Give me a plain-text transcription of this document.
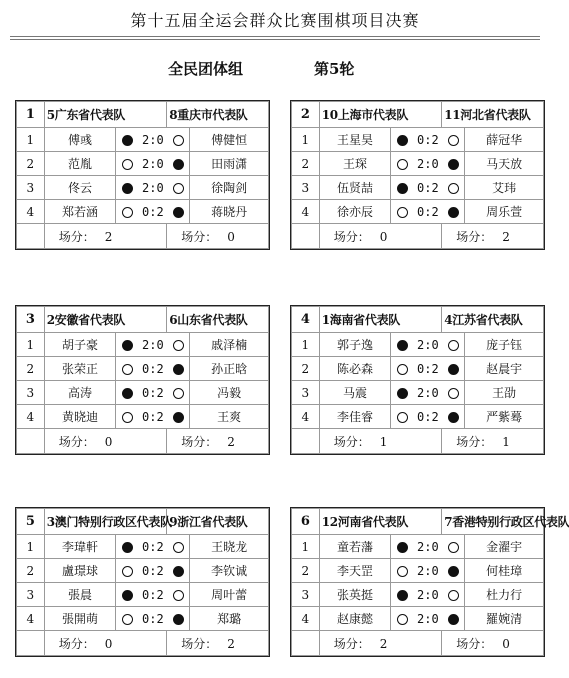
第十五届全运会群众比赛围棋项目决赛
全民团体组	第5轮
1	5广东省代表队			8重庆市代表队	
1	傅彧		2:0		傅健恒
2	范胤		2:0		田雨潇
3	佟云		2:0		徐陶剑
4	郑若涵		0:2		蒋晓丹
	场分： 2			场分： 0	
2	10上海市代表队			11河北省代表队	
1	王星昊		0:2		薛冠华
2	王琛		2:0		马天放
3	伍贤喆		0:2		艾玮
4	徐亦辰		0:2		周乐萱
	场分： 0			场分： 2	
3	2安徽省代表队			6山东省代表队	
1	胡子豪		2:0		戚泽楠
2	张荣正		0:2		孙正晗
3	高涛		0:2		冯毅
4	黄晓迪		0:2		王爽
	场分： 0			场分： 2	
4	1海南省代表队			4江苏省代表队	
1	郭子逸		2:0		庞子钰
2	陈必森		0:2		赵晨宇
3	马震		2:0		王劭
4	李佳睿		0:2		严紫蓦
	场分： 1			场分： 1	
5	3澳门特别行政区代表队			9浙江省代表队	
1	李瑋軒		0:2		王晓龙
2	盧璟球		0:2		李钦诚
3	張晨		0:2		周叶蕾
4	張開萌		0:2		郑璐
	场分： 0			场分： 2	
6	12河南省代表队			7香港特别行政区代表队	
1	童若藩		2:0		金濯宇
2	李天罡		2:0		何桂璋
3	张英挺		2:0		杜力行
4	赵康懿		2:0		羅婉清
	场分： 2			场分： 0	
